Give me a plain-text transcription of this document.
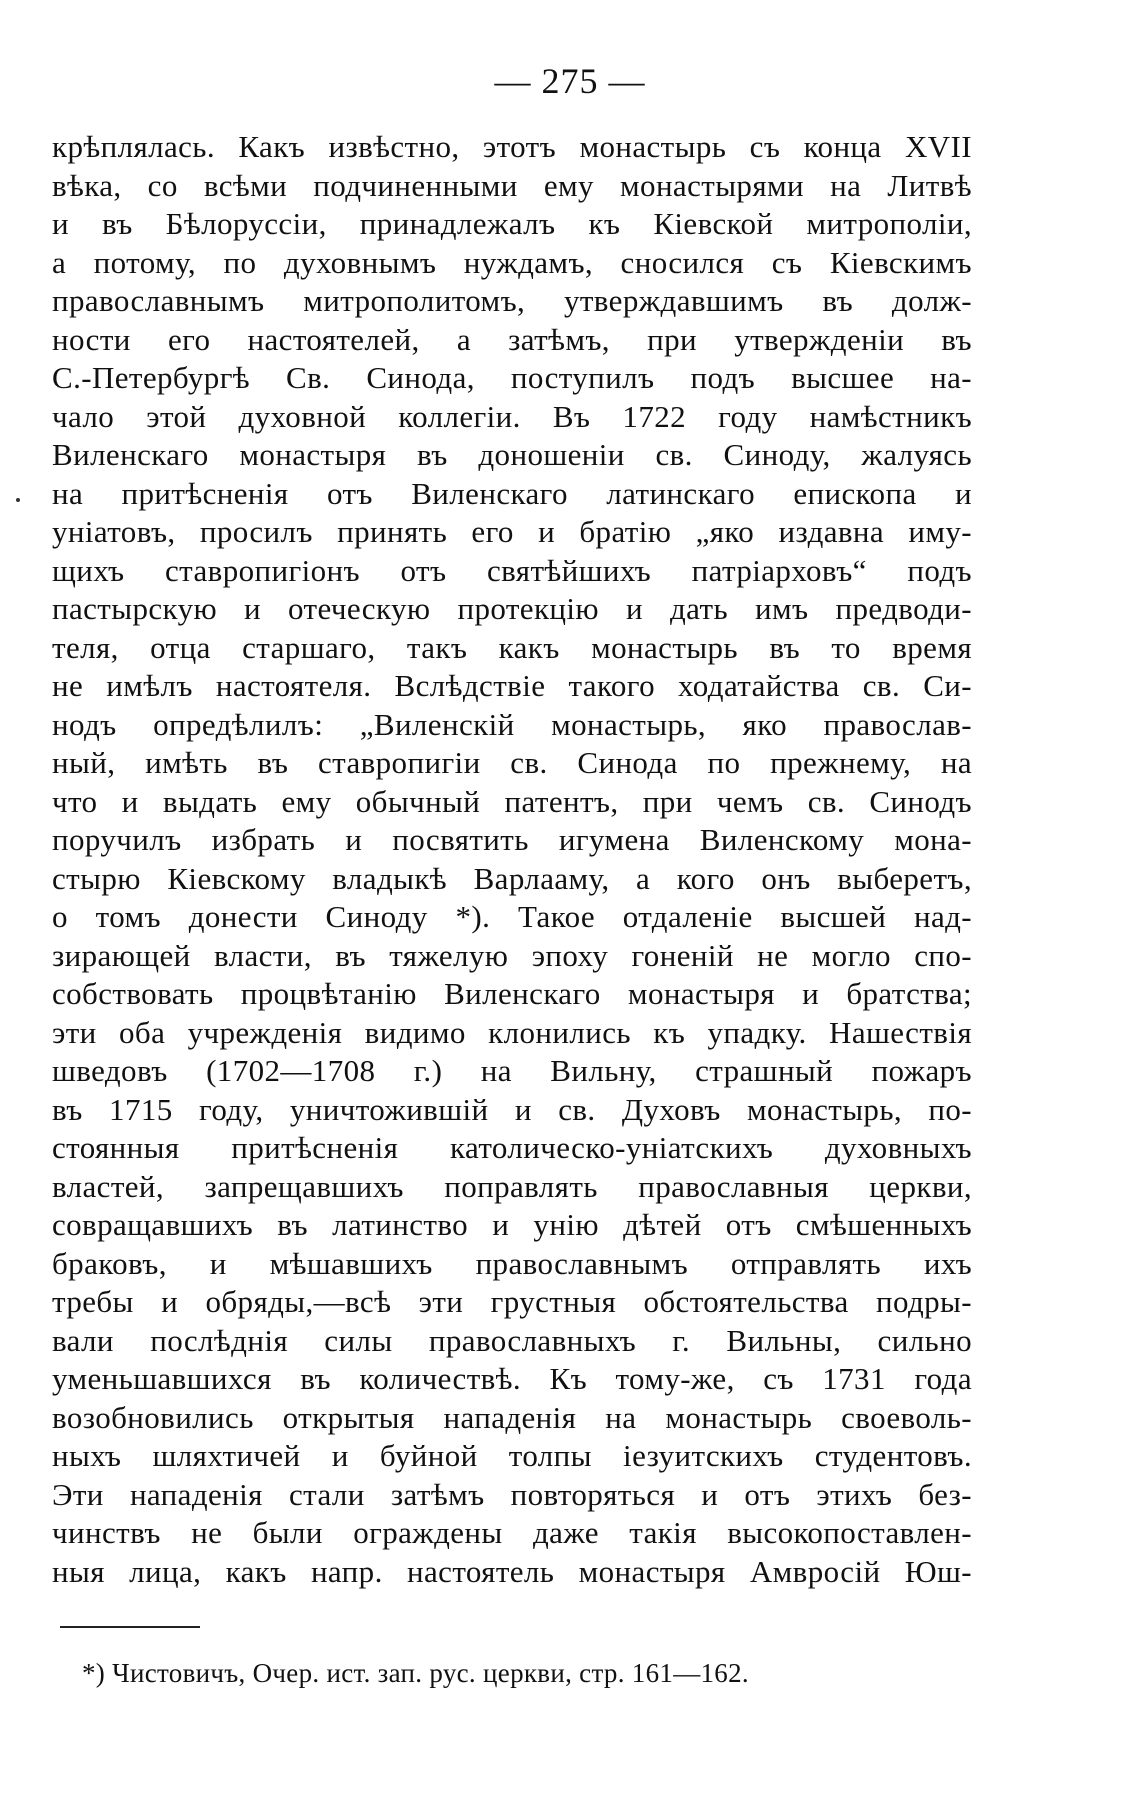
— 275 —
крѣплялась. Какъ извѣстно, этотъ монастырь съ конца XVII
вѣка, со всѣми подчиненными ему монастырями на Литвѣ
и въ Бѣлоруссіи, принадлежалъ къ Кіевской митрополіи,
а потому, по духовнымъ нуждамъ, сносился съ Кіевскимъ
православнымъ митрополитомъ, утверждавшимъ въ долж-
ности его настоятелей, а затѣмъ, при утвержденіи въ
С.-Петербургѣ Св. Синода, поступилъ подъ высшее на-
чало этой духовной коллегіи. Въ 1722 году намѣстникъ
Виленскаго монастыря въ доношеніи св. Синоду, жалуясь
на притѣсненія отъ Виленскаго латинскаго епископа и
уніатовъ, просилъ принять его и братію „яко издавна иму-
щихъ ставропигіонъ отъ святѣйшихъ патріарховъ“ подъ
пастырскую и отеческую протекцію и дать имъ предводи-
теля, отца старшаго, такъ какъ монастырь въ то время
не имѣлъ настоятеля. Вслѣдствіе такого ходатайства св. Си-
нодъ опредѣлилъ: „Виленскій монастырь, яко православ-
ный, имѣть въ ставропигіи св. Синода по прежнему, на
что и выдать ему обычный патентъ, при чемъ св. Синодъ
поручилъ избрать и посвятить игумена Виленскому мона-
стырю Кіевскому владыкѣ Варлааму, а кого онъ выберетъ,
о томъ донести Синоду *). Такое отдаленіе высшей над-
зирающей власти, въ тяжелую эпоху гоненій не могло спо-
собствовать процвѣтанію Виленскаго монастыря и братства;
эти оба учрежденія видимо клонились къ упадку. Нашествія
шведовъ (1702—1708 г.) на Вильну, страшный пожаръ
въ 1715 году, уничтожившій и св. Духовъ монастырь, по-
стоянныя притѣсненія католическо-уніатскихъ духовныхъ
властей, запрещавшихъ поправлять православныя церкви,
совращавшихъ въ латинство и унію дѣтей отъ смѣшенныхъ
браковъ, и мѣшавшихъ православнымъ отправлять ихъ
требы и обряды,—всѣ эти грустныя обстоятельства подры-
вали послѣднія силы православныхъ г. Вильны, сильно
уменьшавшихся въ количествѣ. Къ тому-же, съ 1731 года
возобновились открытыя нападенія на монастырь своеволь-
ныхъ шляхтичей и буйной толпы іезуитскихъ студентовъ.
Эти нападенія стали затѣмъ повторяться и отъ этихъ без-
чинствъ не были ограждены даже такія высокопоставлен-
ныя лица, какъ напр. настоятель монастыря Амвросій Юш-
*) Чистовичъ, Очер. ист. зап. рус. церкви, стр. 161—162.
